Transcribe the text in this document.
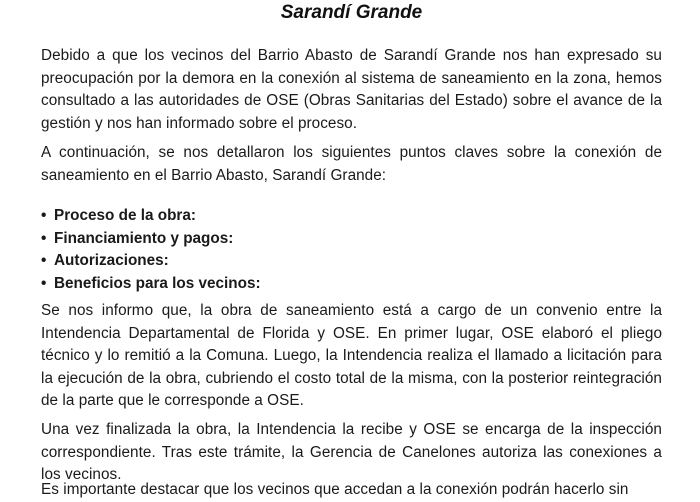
Sarandí Grande

Debido a que los vecinos del Barrio Abasto de Sarandí Grande nos han expresado su preocupación por la demora en la conexión al sistema de saneamiento en la zona, hemos consultado a las autoridades de OSE (Obras Sanitarias del Estado) sobre el avance de la gestión y nos han informado sobre el proceso.

A continuación, se nos detallaron los siguientes puntos claves sobre la conexión de saneamiento en el Barrio Abasto, Sarandí Grande:

• Proceso de la obra:
• Financiamiento y pagos:
• Autorizaciones:
• Beneficios para los vecinos:

Se nos informo que, la obra de saneamiento está a cargo de un convenio entre la Intendencia Departamental de Florida y OSE. En primer lugar, OSE elaboró el pliego técnico y lo remitió a la Comuna. Luego, la Intendencia realiza el llamado a licitación para la ejecución de la obra, cubriendo el costo total de la misma, con la posterior reintegración de la parte que le corresponde a OSE.

Una vez finalizada la obra, la Intendencia la recibe y OSE se encarga de la inspección correspondiente. Tras este trámite, la Gerencia de Canelones autoriza las conexiones a los vecinos.

Es importante destacar que los vecinos que accedan a la conexión podrán hacerlo sin
